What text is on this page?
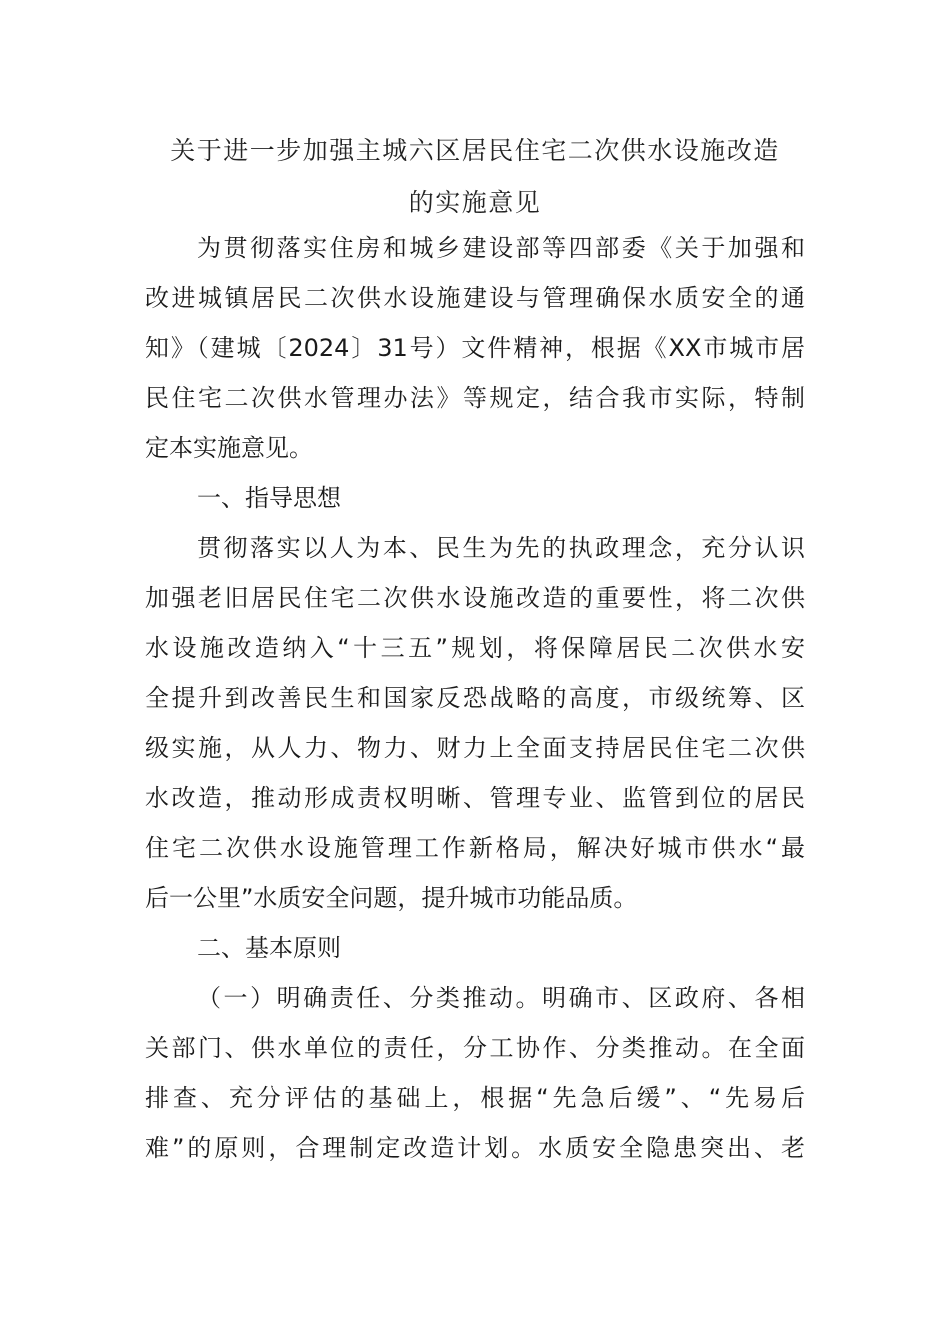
关于进一步加强主城六区居民住宅二次供水设施改造
的实施意见

为贯彻落实住房和城乡建设部等四部委《关于加强和

改进城镇居民二次供水设施建设与管理确保水质安全的通

知》（建城〔2024〕31号）文件精神，根据《XX市城市居

民住宅二次供水管理办法》等规定，结合我市实际，特制

定本实施意见。

一、指导思想

贯彻落实以人为本、民生为先的执政理念，充分认识

加强老旧居民住宅二次供水设施改造的重要性，将二次供

水设施改造纳入“十三五”规划，将保障居民二次供水安

全提升到改善民生和国家反恐战略的高度，市级统筹、区

级实施，从人力、物力、财力上全面支持居民住宅二次供

水改造，推动形成责权明晰、管理专业、监管到位的居民

住宅二次供水设施管理工作新格局，解决好城市供水“最

后一公里”水质安全问题，提升城市功能品质。

二、基本原则

（一）明确责任、分类推动。明确市、区政府、各相

关部门、供水单位的责任，分工协作、分类推动。在全面

排查、充分评估的基础上，根据“先急后缓”、“先易后

难”的原则，合理制定改造计划。水质安全隐患突出、老
